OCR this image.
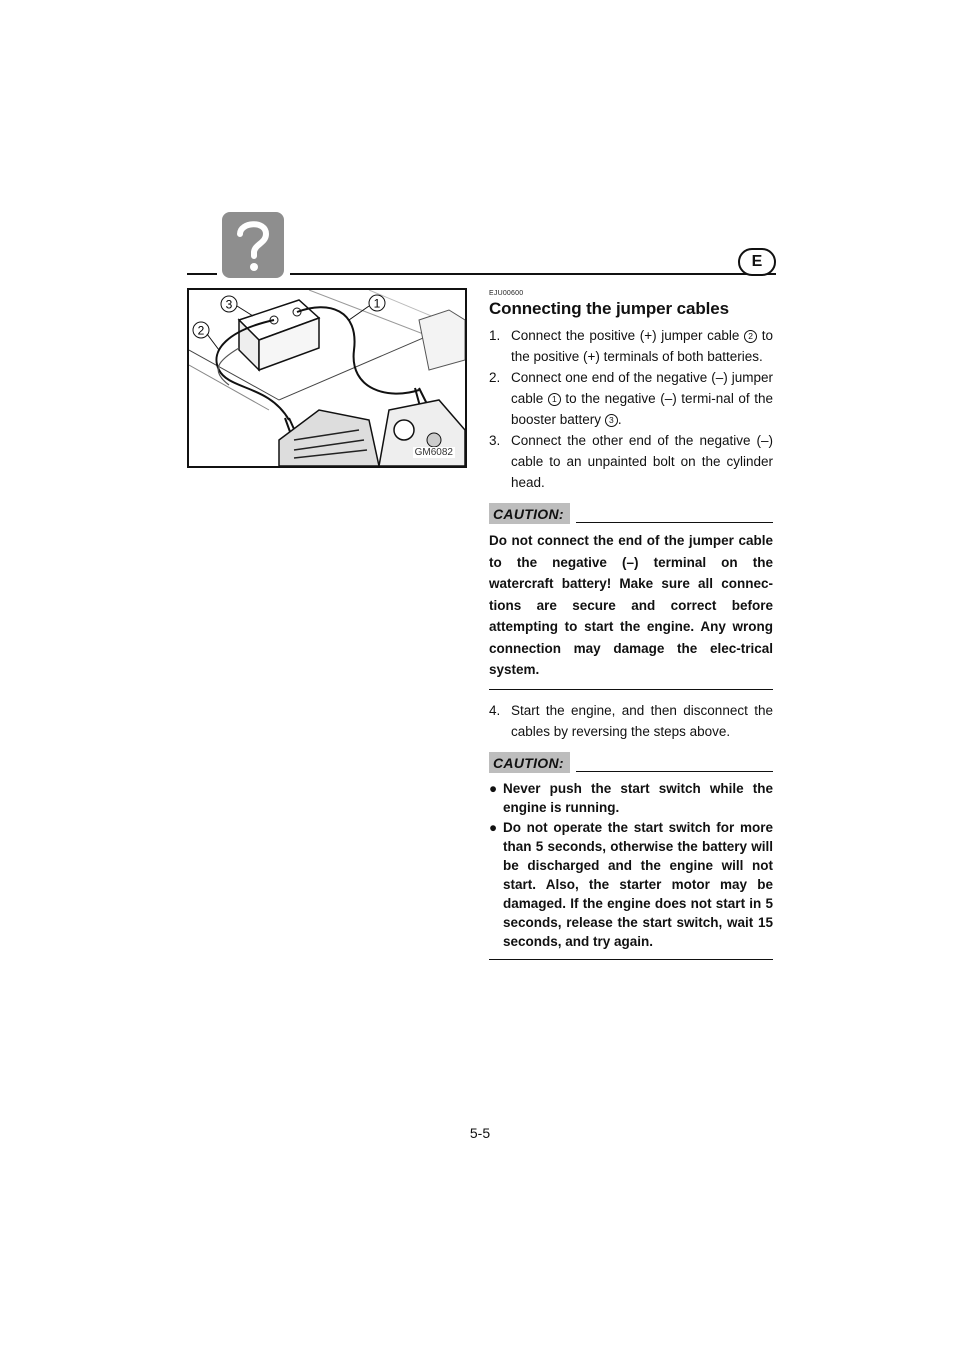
E
3	1
2
GM6082
EJU00600
Connecting the jumper cables
1. Connect the positive (+) jumper cable 2 to the positive (+) terminals of both batteries.
2. Connect one end of the negative (–) jumper cable 1 to the negative (–) termi-nal of the booster battery 3 .
3. Connect the other end of the negative (–) cable to an unpainted bolt on the cylinder head.
CAUTION:

Do not connect the end of the jumper cable to the negative (–) terminal on the watercraft battery! Make sure all connec-tions are secure and correct before attempting to start the engine. Any wrong connection may damage the elec-trical system.

4. Start the engine, and then disconnect the cables by reversing the steps above.
CAUTION:
● Never push the start switch while the engine is running.
● Do not operate the start switch for more than 5 seconds, otherwise the battery will be discharged and the engine will not start. Also, the starter motor may be damaged. If the engine does not start in 5 seconds, release the start switch, wait 15 seconds, and try again.
5-5
